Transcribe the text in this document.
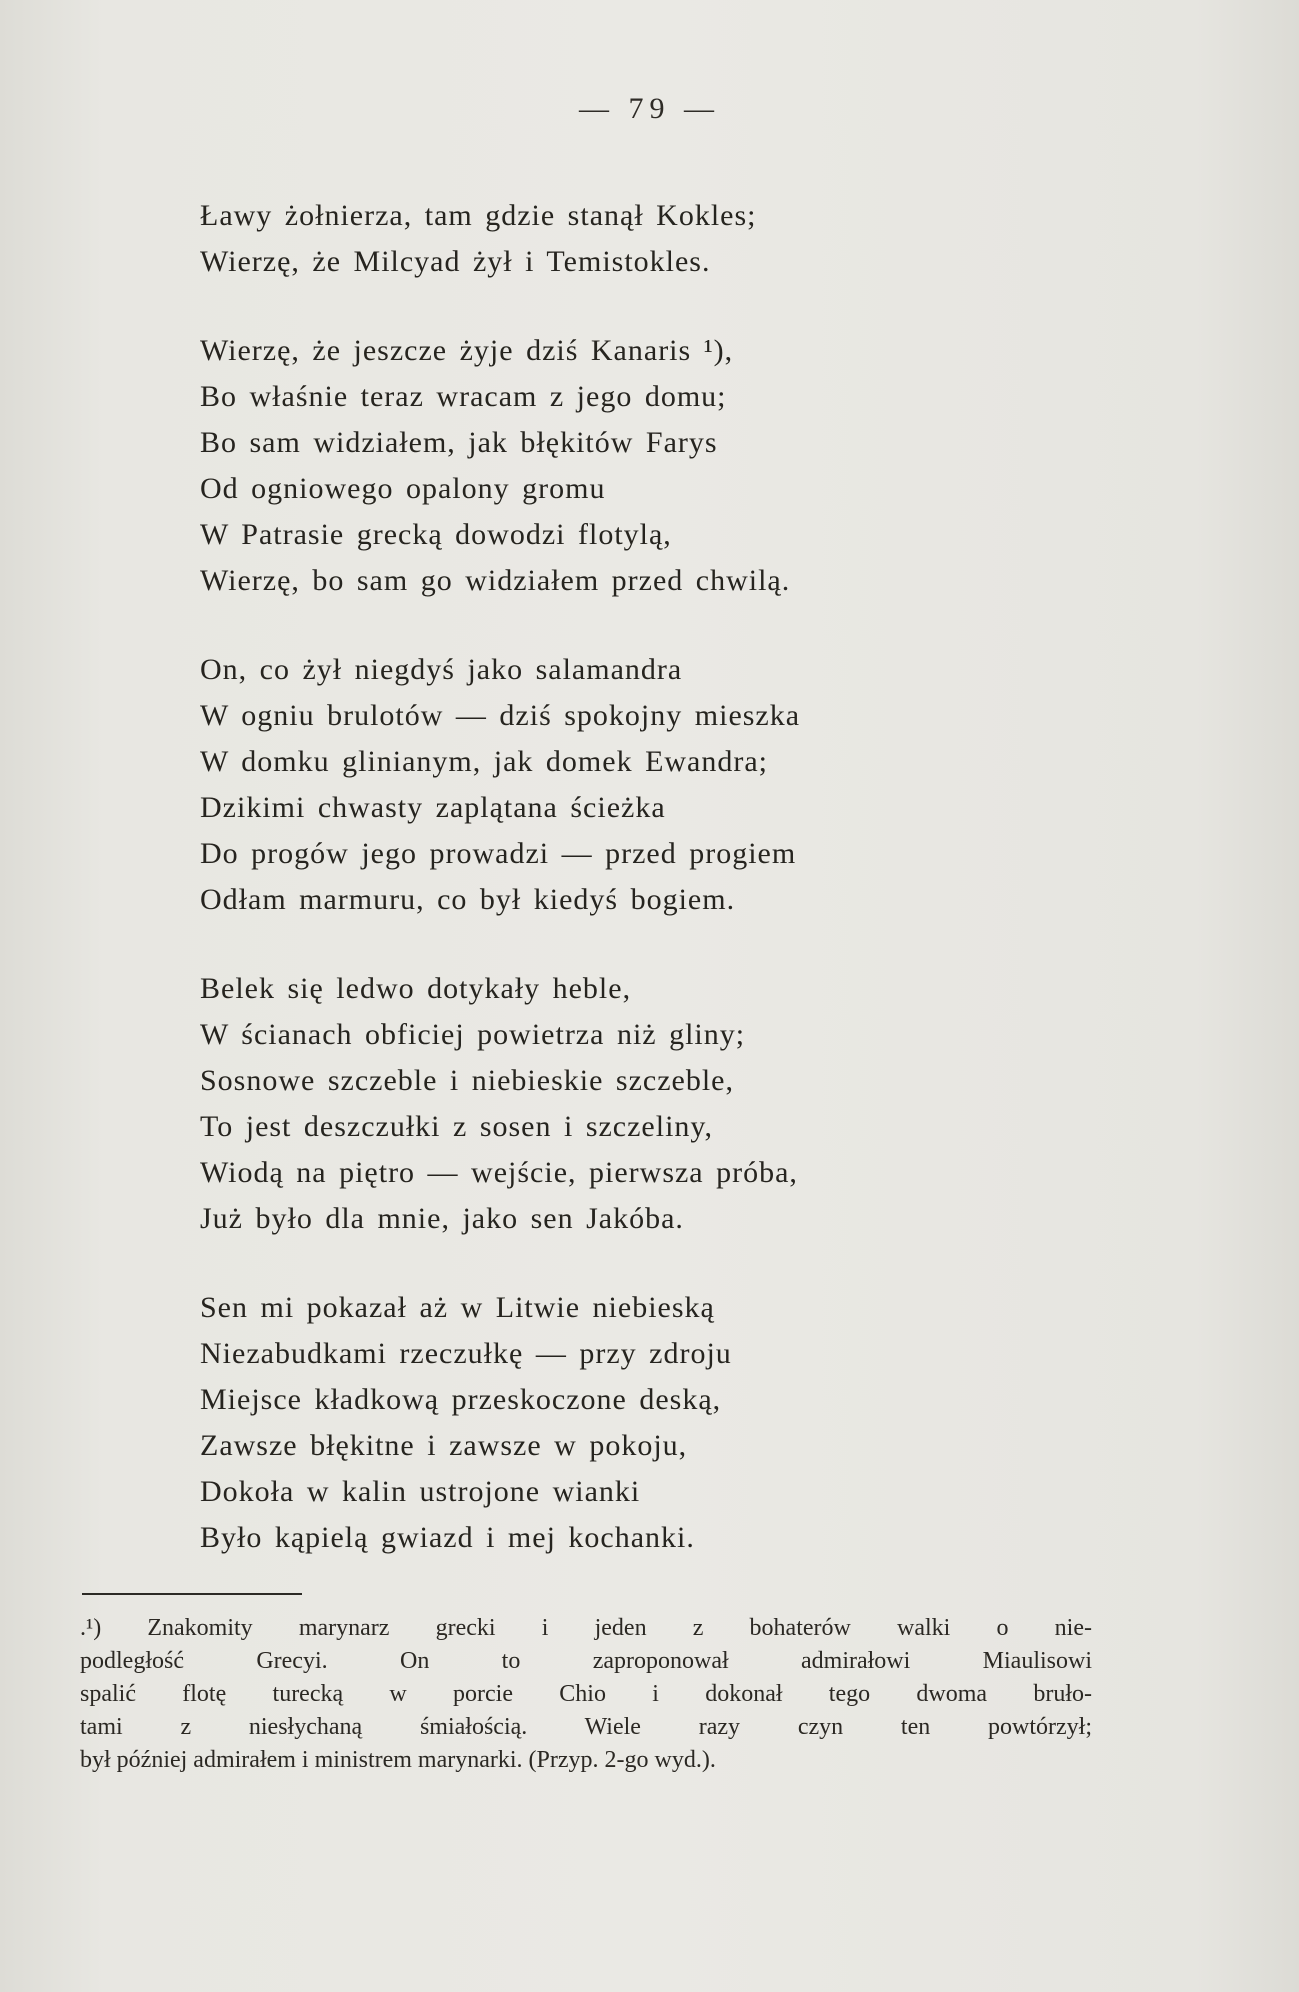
— 79 —
Ławy żołnierza, tam gdzie stanął Kokles;
Wierzę, że Milcyad żył i Temistokles.
Wierzę, że jeszcze żyje dziś Kanaris ¹),
Bo właśnie teraz wracam z jego domu;
Bo sam widziałem, jak błękitów Farys
Od ogniowego opalony gromu
W Patrasie grecką dowodzi flotylą,
Wierzę, bo sam go widziałem przed chwilą.
On, co żył niegdyś jako salamandra
W ogniu brulotów — dziś spokojny mieszka
W domku glinianym, jak domek Ewandra;
Dzikimi chwasty zaplątana ścieżka
Do progów jego prowadzi — przed progiem
Odłam marmuru, co był kiedyś bogiem.
Belek się ledwo dotykały heble,
W ścianach obficiej powietrza niż gliny;
Sosnowe szczeble i niebieskie szczeble,
To jest deszczułki z sosen i szczeliny,
Wiodą na piętro — wejście, pierwsza próba,
Już było dla mnie, jako sen Jakóba.
Sen mi pokazał aż w Litwie niebieską
Niezabudkami rzeczułkę — przy zdroju
Miejsce kładkową przeskoczone deską,
Zawsze błękitne i zawsze w pokoju,
Dokoła w kalin ustrojone wianki
Było kąpielą gwiazd i mej kochanki.
.¹) Znakomity marynarz grecki i jeden z bohaterów walki o nie-
podległość Grecyi. On to zaproponował admirałowi Miaulisowi
spalić flotę turecką w porcie Chio i dokonał tego dwoma bruło-
tami z niesłychaną śmiałością. Wiele razy czyn ten powtórzył;
był później admirałem i ministrem marynarki. (Przyp. 2-go wyd.).
